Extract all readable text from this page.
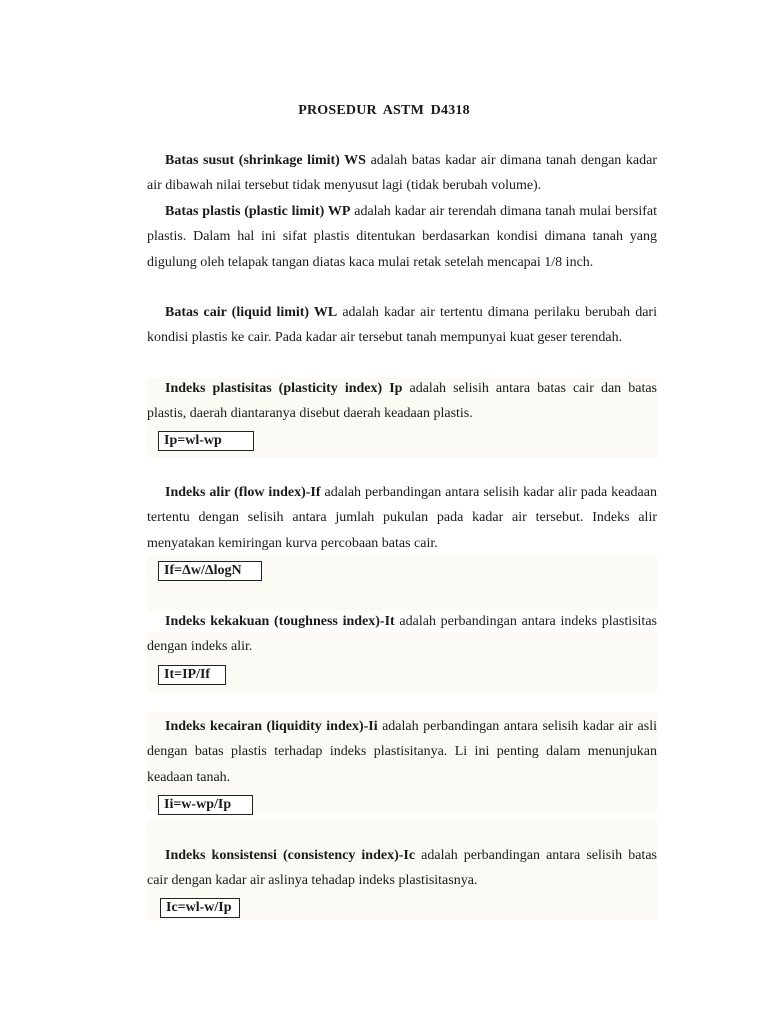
PROSEDUR ASTM D4318

Batas susut (shrinkage limit) WS adalah batas kadar air dimana tanah dengan kadar air dibawah nilai tersebut tidak menyusut lagi (tidak berubah volume).

Batas plastis (plastic limit) WP adalah kadar air terendah dimana tanah mulai bersifat plastis. Dalam hal ini sifat plastis ditentukan berdasarkan kondisi dimana tanah yang digulung oleh telapak tangan diatas kaca mulai retak setelah mencapai 1/8 inch.

Batas cair (liquid limit) WL adalah kadar air tertentu dimana perilaku berubah dari kondisi plastis ke cair. Pada kadar air tersebut tanah mempunyai kuat geser terendah.

Indeks plastisitas (plasticity index) Ip adalah selisih antara batas cair dan batas plastis, daerah diantaranya disebut daerah keadaan plastis.

Ip=wl-wp

Indeks alir (flow index)-If adalah perbandingan antara selisih kadar alir pada keadaan tertentu dengan selisih antara jumlah pukulan pada kadar air tersebut. Indeks alir menyatakan kemiringan kurva percobaan batas cair.

If=Δw/ΔlogN

Indeks kekakuan (toughness index)-It adalah perbandingan antara indeks plastisitas dengan indeks alir.

It=IP/If

Indeks kecairan (liquidity index)-Ii adalah perbandingan antara selisih kadar air asli dengan batas plastis terhadap indeks plastisitanya. Li ini penting dalam menunjukan keadaan tanah.

Ii=w-wp/Ip

Indeks konsistensi (consistency index)-Ic adalah perbandingan antara selisih batas cair dengan kadar air aslinya tehadap indeks plastisitasnya.

Ic=wl-w/Ip
